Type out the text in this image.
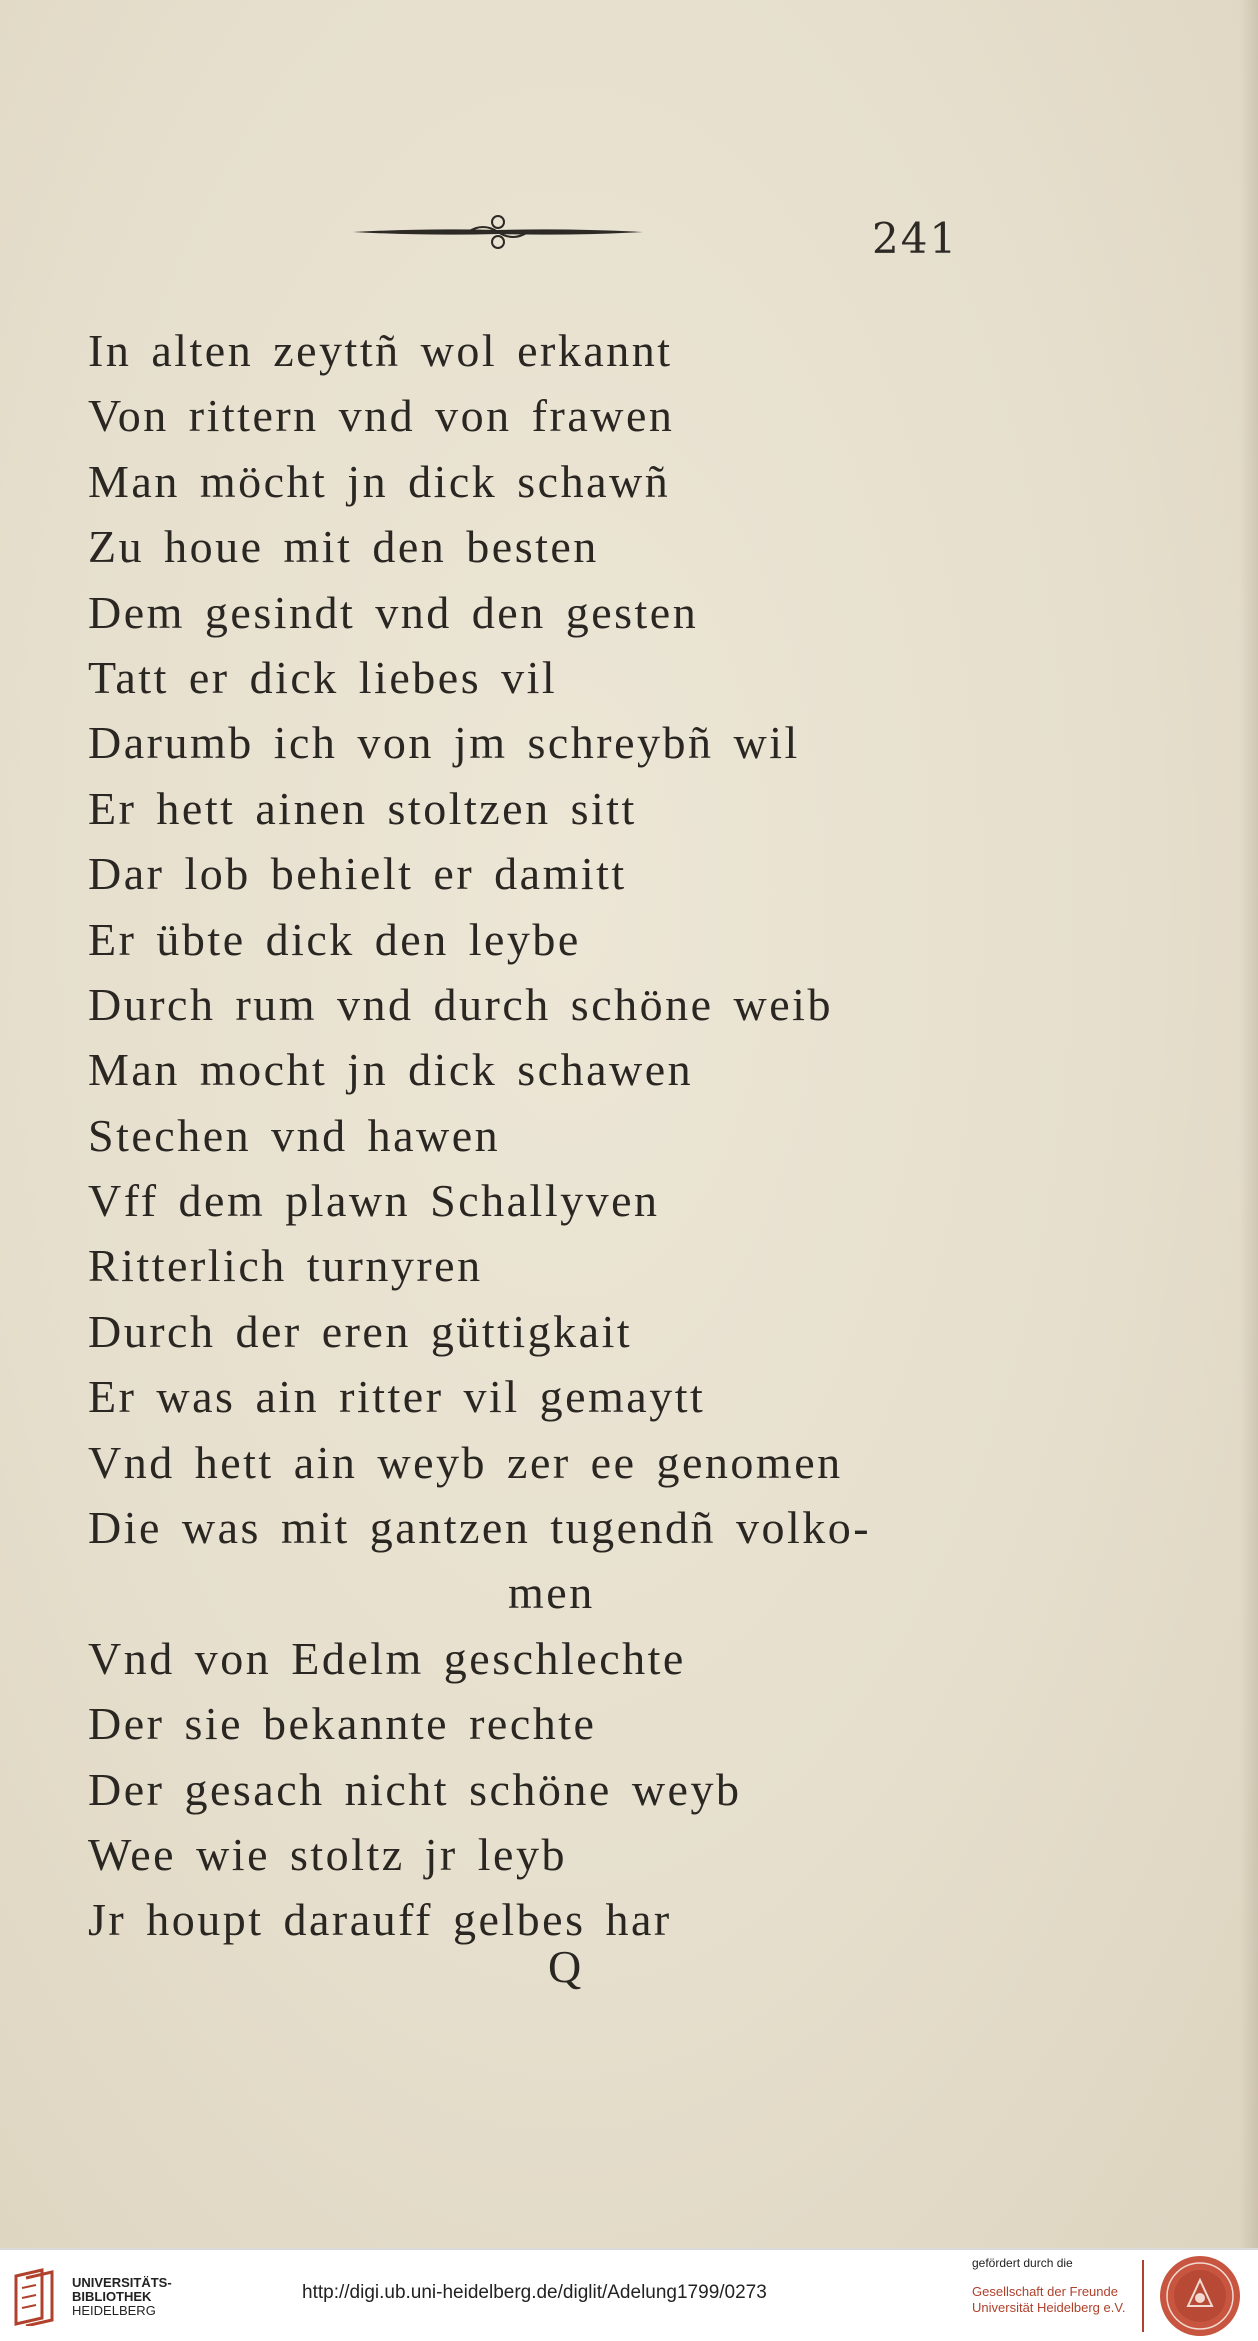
241
In alten zeyttñ wol erkannt
Von rittern vnd von frawen
Man möcht jn dick schawñ
Zu houe mit den besten
Dem gesindt vnd den gesten
Tatt er dick liebes vil
Darumb ich von jm schreybñ wil
Er hett ainen stoltzen sitt
Dar lob behielt er damitt
Er übte dick den leybe
Durch rum vnd durch schöne weib
Man mocht jn dick schawen
Stechen vnd hawen
Vff dem plawn Schallyven
Ritterlich turnyren
Durch der eren güttigkait
Er was ain ritter vil gemaytt
Vnd hett ain weyb zer ee genomen
Die was mit gantzen tugendñ volko-
men
Vnd von Edelm geschlechte
Der sie bekannte rechte
Der gesach nicht schöne weyb
Wee wie stoltz jr leyb
Jr houpt darauff gelbes har
Q
UNIVERSITÄTS-
BIBLIOTHEK
HEIDELBERG
http://digi.ub.uni-heidelberg.de/diglit/Adelung1799/0273
gefördert durch die
Gesellschaft der Freunde
Universität Heidelberg e.V.
